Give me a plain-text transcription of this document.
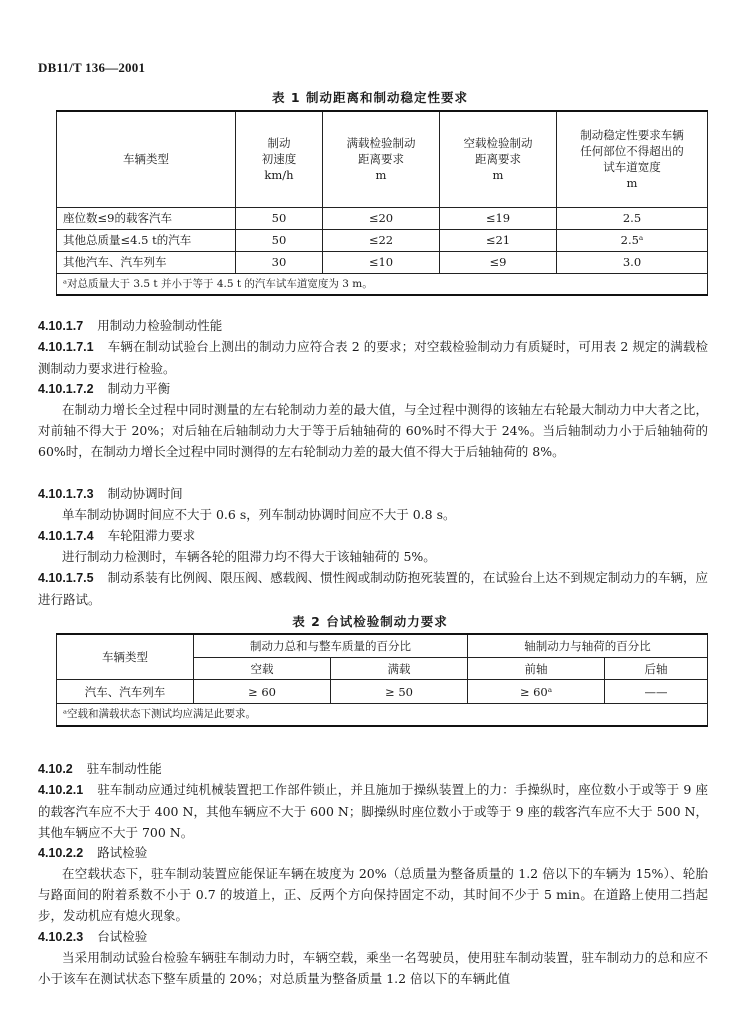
DB11/T 136—2001
表 1 制动距离和制动稳定性要求
车辆类型	制动
初速度
km/h	满载检验制动
距离要求
m	空载检验制动
距离要求
m	制动稳定性要求车辆
任何部位不得超出的
试车道宽度
m
座位数≤9的载客汽车	50	≤20	≤19	2.5
其他总质量≤4.5 t的汽车	50	≤22	≤21	2.5ᵃ
其他汽车、汽车列车	30	≤10	≤9	3.0
ᵃ对总质量大于 3.5 t 并小于等于 4.5 t 的汽车试车道宽度为 3 m。				
4.10.1.7 用制动力检验制动性能
4.10.1.7.1 车辆在制动试验台上测出的制动力应符合表 2 的要求；对空载检验制动力有质疑时，可用表 2 规定的满载检测制动力要求进行检验。
4.10.1.7.2 制动力平衡
在制动力增长全过程中同时测量的左右轮制动力差的最大值，与全过程中测得的该轴左右轮最大制动力中大者之比，对前轴不得大于 20%；对后轴在后轴制动力大于等于后轴轴荷的 60%时不得大于 24%。当后轴制动力小于后轴轴荷的 60%时，在制动力增长全过程中同时测得的左右轮制动力差的最大值不得大于后轴轴荷的 8%。
4.10.1.7.3 制动协调时间
单车制动协调时间应不大于 0.6 s，列车制动协调时间应不大于 0.8 s。
4.10.1.7.4 车轮阻滞力要求
进行制动力检测时，车辆各轮的阻滞力均不得大于该轴轴荷的 5%。
4.10.1.7.5 制动系装有比例阀、限压阀、感载阀、惯性阀或制动防抱死装置的，在试验台上达不到规定制动力的车辆，应进行路试。
表 2 台试检验制动力要求
车辆类型	制动力总和与整车质量的百分比		轴制动力与轴荷的百分比	
	空载	满载	前轴	后轴
汽车、汽车列车	≥ 60	≥ 50	≥ 60ᵃ	——
ᵃ空载和满载状态下测试均应满足此要求。				
4.10.2 驻车制动性能
4.10.2.1 驻车制动应通过纯机械装置把工作部件锁止，并且施加于操纵装置上的力：手操纵时，座位数小于或等于 9 座的载客汽车应不大于 400 N，其他车辆应不大于 600 N；脚操纵时座位数小于或等于 9 座的载客汽车应不大于 500 N，其他车辆应不大于 700 N。
4.10.2.2 路试检验
在空载状态下，驻车制动装置应能保证车辆在坡度为 20%（总质量为整备质量的 1.2 倍以下的车辆为 15%）、轮胎与路面间的附着系数不小于 0.7 的坡道上，正、反两个方向保持固定不动，其时间不少于 5 min。在道路上使用二挡起步，发动机应有熄火现象。
4.10.2.3 台试检验
当采用制动试验台检验车辆驻车制动力时，车辆空载，乘坐一名驾驶员，使用驻车制动装置，驻车制动力的总和应不小于该车在测试状态下整车质量的 20%；对总质量为整备质量 1.2 倍以下的车辆此值
